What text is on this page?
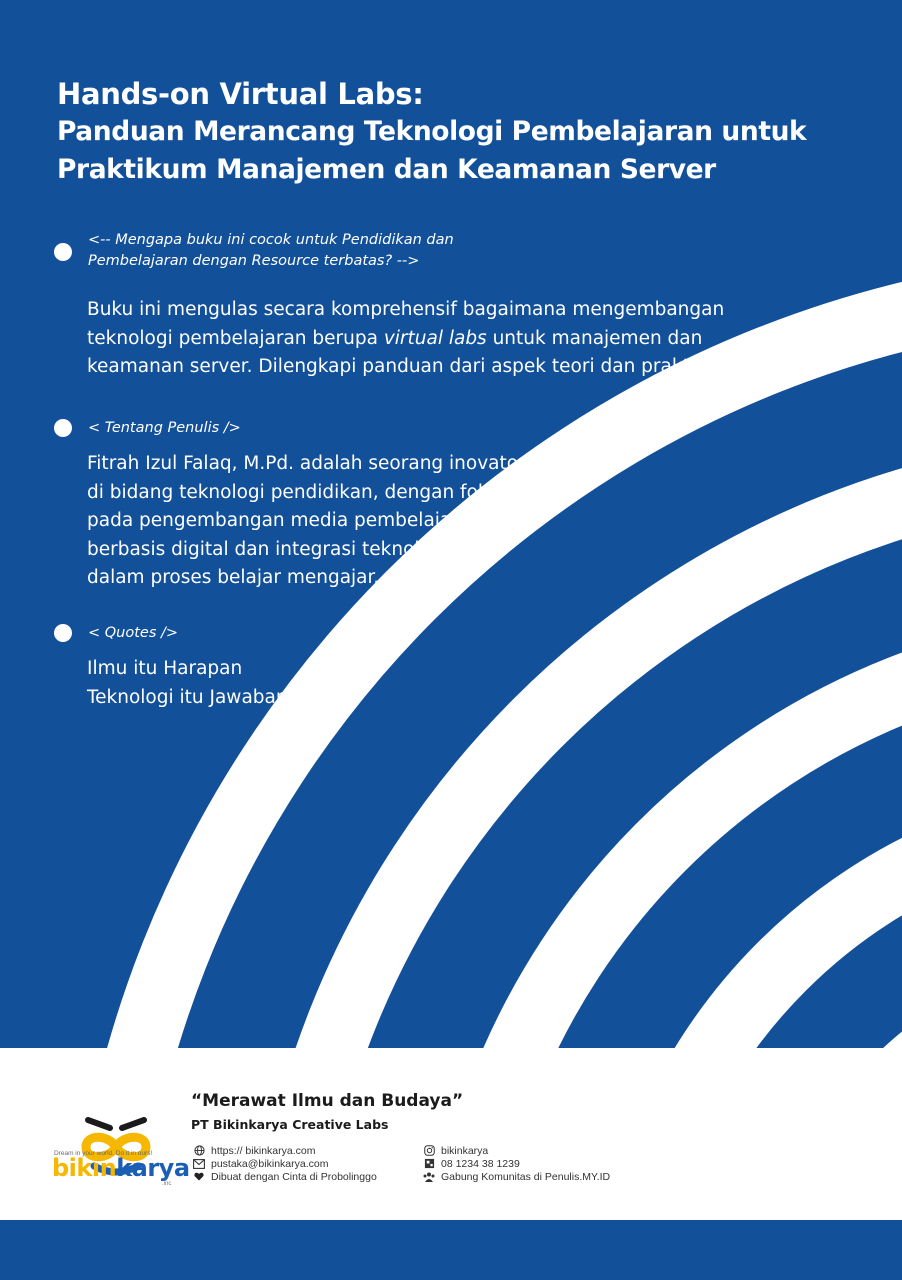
Hands-on Virtual Labs:
Panduan Merancang Teknologi Pembelajaran untuk
Praktikum Manajemen dan Keamanan Server
<-- Mengapa buku ini cocok untuk Pendidikan dan
Pembelajaran dengan Resource terbatas? -->

Buku ini mengulas secara komprehensif bagaimana mengembangan
teknologi pembelajaran berupa virtual labs untuk manajemen dan
keamanan server. Dilengkapi panduan dari aspek teori dan praktik.

< Tentang Penulis />

Fitrah Izul Falaq, M.Pd. adalah seorang inovator
di bidang teknologi pendidikan, dengan fokus
pada pengembangan media pembelajaran
berbasis digital dan integrasi teknologi
dalam proses belajar mengajar.

< Quotes />

Ilmu itu Harapan
Teknologi itu Jawaban

Dream in your world. Do it in ours!
bikinkarya
.inc
“Merawat Ilmu dan Budaya”
PT Bikinkarya Creative Labs
https:// bikinkarya.com
pustaka@bikinkarya.com
Dibuat dengan Cinta di Probolinggo
bikinkarya
08 1234 38 1239
Gabung Komunitas di Penulis.MY.ID
